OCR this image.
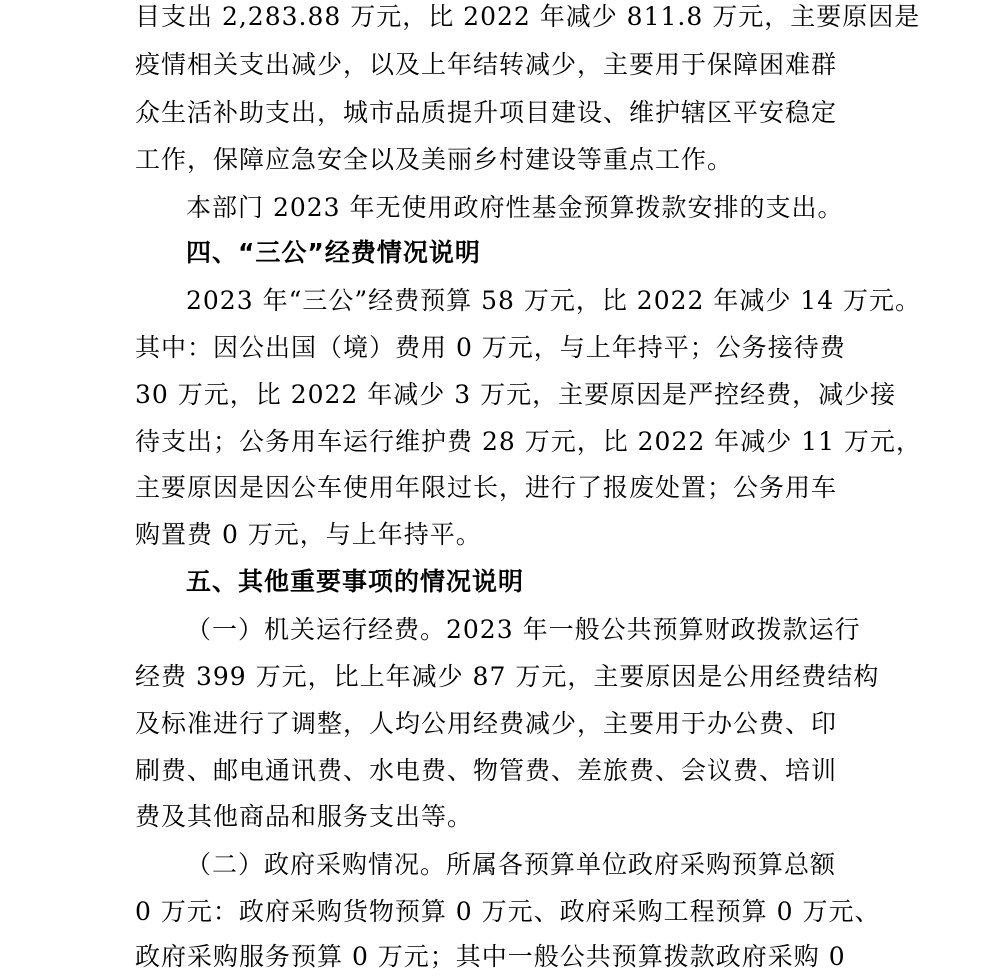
目支出 2,283.88 万元，比 2022 年减少 811.8 万元，主要原因是
疫情相关支出减少，以及上年结转减少，主要用于保障困难群
众生活补助支出，城市品质提升项目建设、维护辖区平安稳定
工作，保障应急安全以及美丽乡村建设等重点工作。
本部门 2023 年无使用政府性基金预算拨款安排的支出。
四、“三公”经费情况说明
2023 年“三公”经费预算 58 万元，比 2022 年减少 14 万元。
其中：因公出国（境）费用 0 万元，与上年持平；公务接待费
30 万元，比 2022 年减少 3 万元，主要原因是严控经费，减少接
待支出；公务用车运行维护费 28 万元，比 2022 年减少 11 万元，
主要原因是因公车使用年限过长，进行了报废处置；公务用车
购置费 0 万元，与上年持平。
五、其他重要事项的情况说明
（一）机关运行经费。2023 年一般公共预算财政拨款运行
经费 399 万元，比上年减少 87 万元，主要原因是公用经费结构
及标准进行了调整，人均公用经费减少，主要用于办公费、印
刷费、邮电通讯费、水电费、物管费、差旅费、会议费、培训
费及其他商品和服务支出等。
（二）政府采购情况。所属各预算单位政府采购预算总额
0 万元：政府采购货物预算 0 万元、政府采购工程预算 0 万元、
政府采购服务预算 0 万元；其中一般公共预算拨款政府采购 0
